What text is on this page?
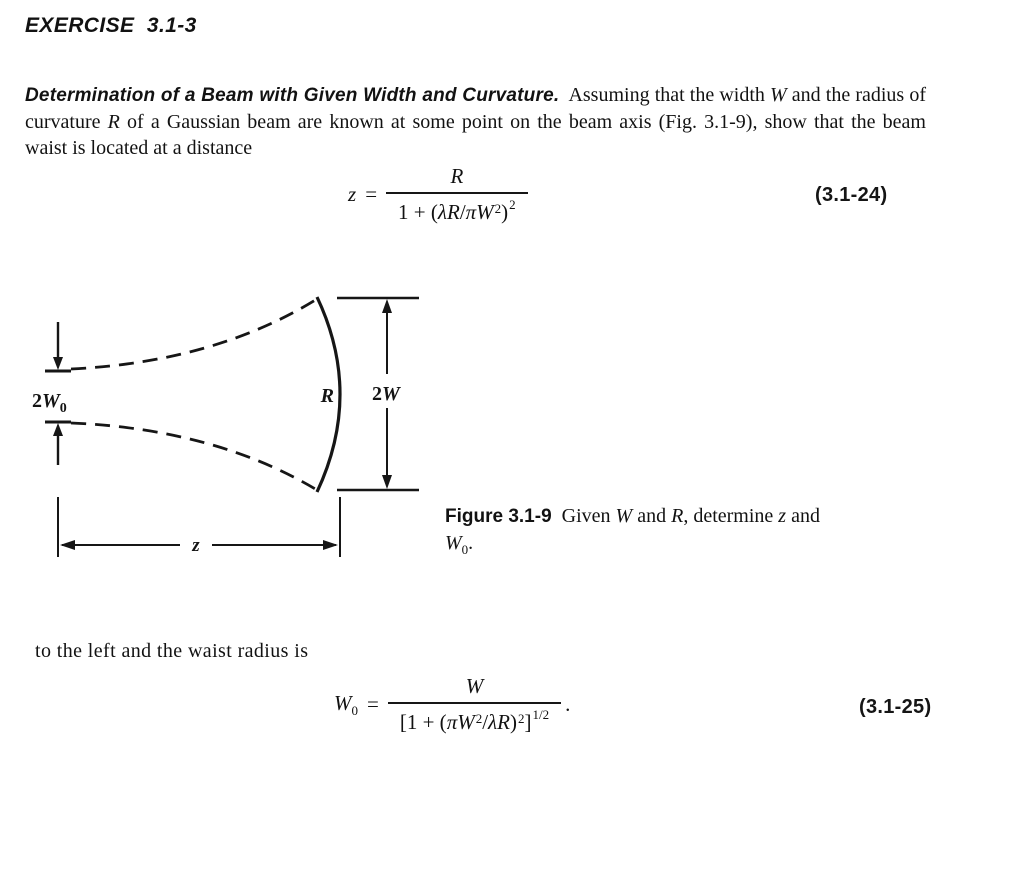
EXERCISE  3.1-3

Determination of a Beam with Given Width and Curvature.  Assuming that the width W and the radius of curvature R of a Gaussian beam are known at some point on the beam axis (Fig. 3.1-9), show that the beam waist is located at a distance

$z = \frac{R}{1 + (\lambda R/\pi W^2)^2}$	(3.1-24)
$2W_0$
R 2W
z
Figure 3.1-9  Given W and R, determine z and
$W_0$.

to the left and the waist radius is

$W_0 = \frac{W}{[1 + (\pi W^2/\lambda R)^2]^{1/2}}$ .	(3.1-25)
